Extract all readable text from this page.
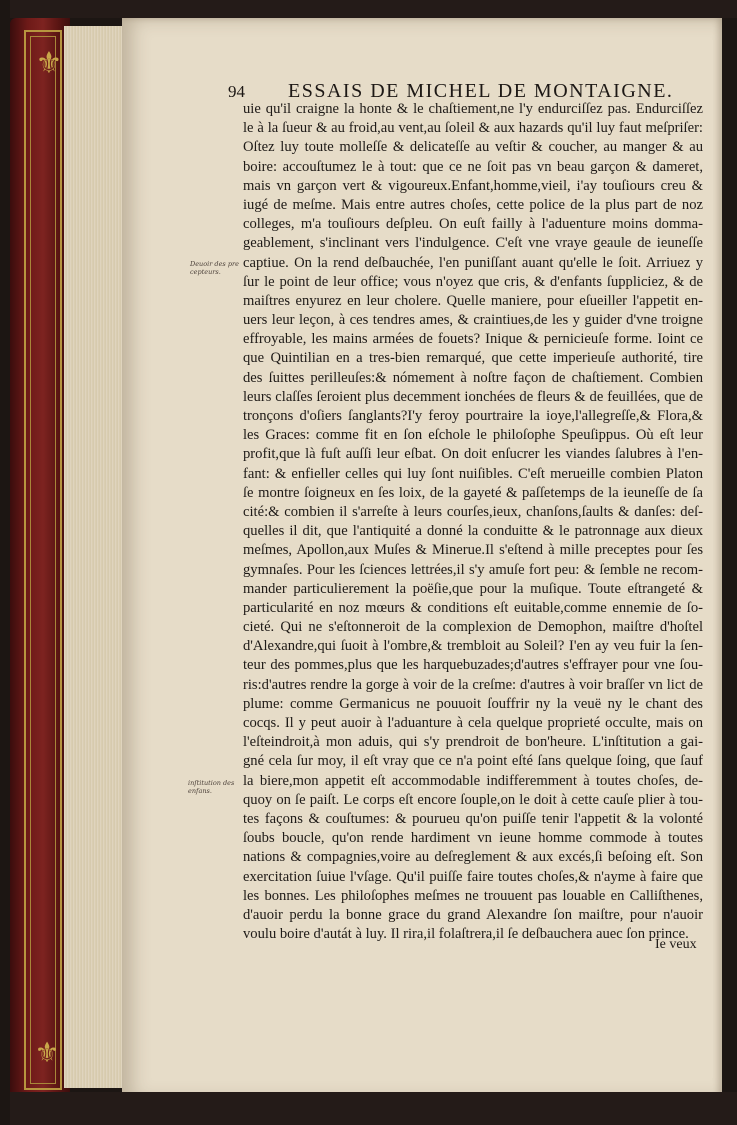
⚜
⚜
94 ESSAIS DE MICHEL DE MONTAIGNE.
Deuoir des pre
cepteurs.
inſtitution des
enfans.
uie qu'il craigne la honte & le chaſtiement,ne l'y endurciſſez pas. Endurciſſez
le à la ſueur & au froid,au vent,au ſoleil & aux hazards qu'il luy faut meſpriſer:
Oſtez luy toute molleſſe & delicateſſe au veſtir & coucher, au manger & au
boire: accouſtumez le à tout: que ce ne ſoit pas vn beau garçon & dameret,
mais vn garçon vert & vigoureux.Enfant,homme,vieil, i'ay touſiours creu &
iugé de meſme. Mais entre autres choſes, cette police de la plus part de noz
colleges, m'a touſiours deſpleu. On euſt failly à l'aduenture moins domma-
geablement, s'inclinant vers l'indulgence. C'eſt vne vraye geaule de ieuneſſe
captiue. On la rend deſbauchée, l'en puniſſant auant qu'elle le ſoit. Arriuez y
ſur le point de leur office; vous n'oyez que cris, & d'enfants ſuppliciez, & de
maiſtres enyurez en leur cholere. Quelle maniere, pour eſueiller l'appetit en-
uers leur leçon, à ces tendres ames, & craintiues,de les y guider d'vne troigne
effroyable, les mains armées de fouets? Inique & pernicieuſe forme. Ioint ce
que Quintilian en a tres-bien remarqué, que cette imperieuſe authorité, tire
des ſuittes perilleuſes:& nómement à noſtre façon de chaſtiement. Combien
leurs claſſes ſeroient plus decemment ionchées de fleurs & de feuillées, que de
tronçons d'oſiers ſanglants?I'y feroy pourtraire la ioye,l'allegreſſe,& Flora,&
les Graces: comme fit en ſon eſchole le philoſophe Speuſippus. Où eſt leur
profit,que là fuſt auſſi leur eſbat. On doit enſucrer les viandes ſalubres à l'en-
fant: & enfieller celles qui luy ſont nuiſibles. C'eſt merueille combien Platon
ſe montre ſoigneux en ſes loix, de la gayeté & paſſetemps de la ieuneſſe de ſa
cité:& combien il s'arreſte à leurs courſes,ieux, chanſons,ſaults & danſes: deſ-
quelles il dit, que l'antiquité a donné la conduitte & le patronnage aux dieux
meſmes, Apollon,aux Muſes & Minerue.Il s'eſtend à mille preceptes pour ſes
gymnaſes. Pour les ſciences lettrées,il s'y amuſe fort peu: & ſemble ne recom-
mander particulierement la poëſie,que pour la muſique. Toute eſtrangeté &
particularité en noz mœurs & conditions eſt euitable,comme ennemie de ſo-
cieté. Qui ne s'eſtonneroit de la complexion de Demophon, maiſtre d'hoſtel
d'Alexandre,qui ſuoit à l'ombre,& trembloit au Soleil? I'en ay veu fuir la ſen-
teur des pommes,plus que les harquebuzades;d'autres s'effrayer pour vne ſou-
ris:d'autres rendre la gorge à voir de la creſme: d'autres à voir braſſer vn lict de
plume: comme Germanicus ne pouuoit ſouffrir ny la veuë ny le chant des
cocqs. Il y peut auoir à l'aduanture à cela quelque proprieté occulte, mais on
l'eſteindroit,à mon aduis, qui s'y prendroit de bon'heure. L'inſtitution a gai-
gné cela ſur moy, il eſt vray que ce n'a point eſté ſans quelque ſoing, que ſauf
la biere,mon appetit eſt accommodable indifferemment à toutes choſes, de-
quoy on ſe paiſt. Le corps eſt encore ſouple,on le doit à cette cauſe plier à tou-
tes façons & couſtumes: & pourueu qu'on puiſſe tenir l'appetit & la volonté
ſoubs boucle, qu'on rende hardiment vn ieune homme commode à toutes
nations & compagnies,voire au deſreglement & aux excés,ſi beſoing eſt. Son
exercitation ſuiue l'vſage. Qu'il puiſſe faire toutes choſes,& n'ayme à faire que
les bonnes. Les philoſophes meſmes ne trouuent pas louable en Calliſthenes,
d'auoir perdu la bonne grace du grand Alexandre ſon maiſtre, pour n'auoir
voulu boire d'autát à luy. Il rira,il folaſtrera,il ſe deſbauchera auec ſon prince.
Ie veux
